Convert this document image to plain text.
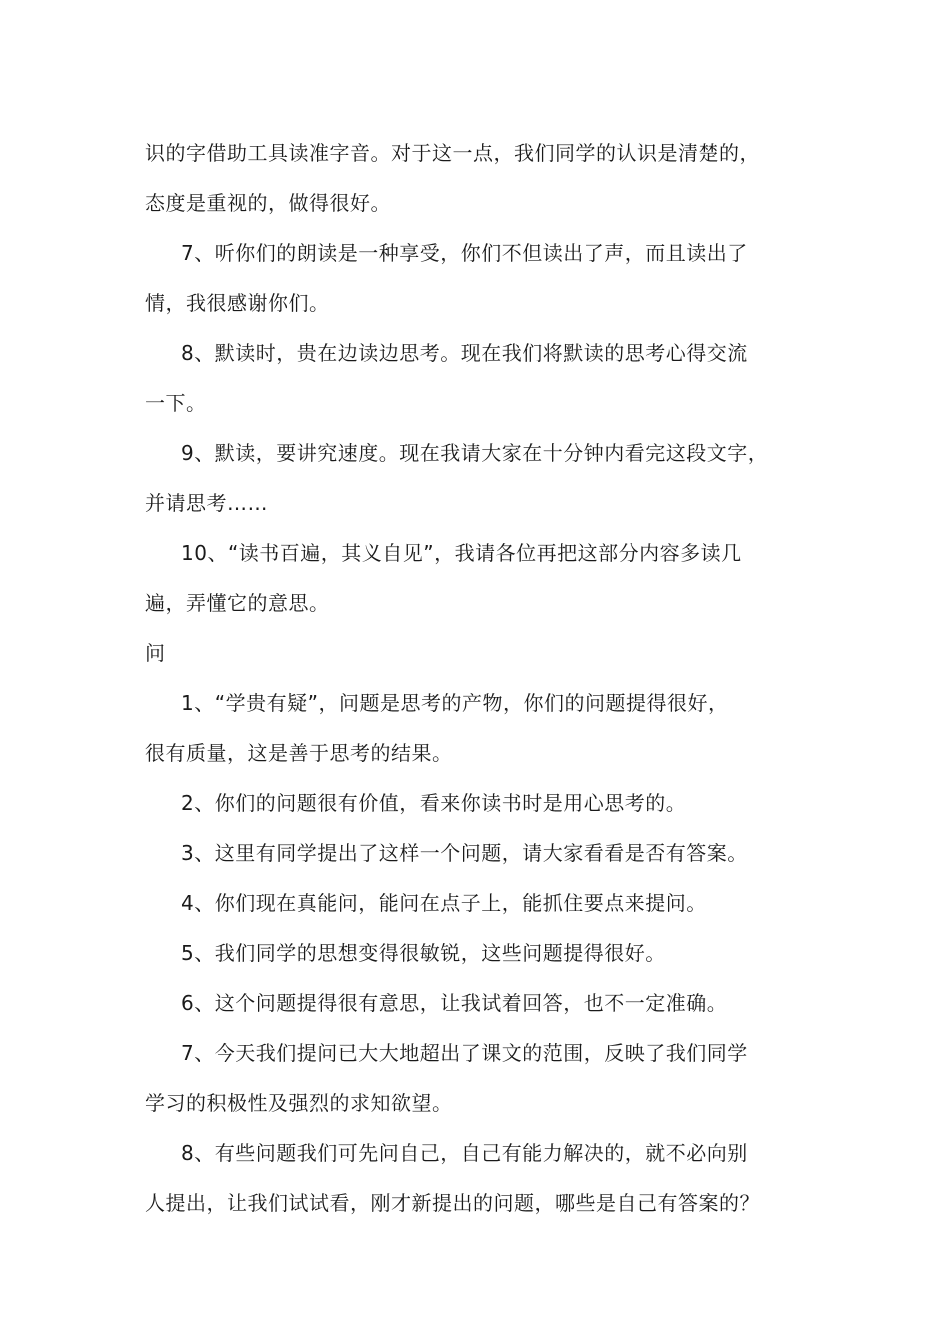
识的字借助工具读准字音。对于这一点，我们同学的认识是清楚的，
态度是重视的，做得很好。
7、听你们的朗读是一种享受，你们不但读出了声，而且读出了
情，我很感谢你们。
8、默读时，贵在边读边思考。现在我们将默读的思考心得交流
一下。
9、默读，要讲究速度。现在我请大家在十分钟内看完这段文字，
并请思考……
10、“读书百遍，其义自见”，我请各位再把这部分内容多读几
遍，弄懂它的意思。
问
1、“学贵有疑”，问题是思考的产物，你们的问题提得很好，
很有质量，这是善于思考的结果。
2、你们的问题很有价值，看来你读书时是用心思考的。
3、这里有同学提出了这样一个问题，请大家看看是否有答案。
4、你们现在真能问，能问在点子上，能抓住要点来提问。
5、我们同学的思想变得很敏锐，这些问题提得很好。
6、这个问题提得很有意思，让我试着回答，也不一定准确。
7、今天我们提问已大大地超出了课文的范围，反映了我们同学
学习的积极性及强烈的求知欲望。
8、有些问题我们可先问自己，自己有能力解决的，就不必向别
人提出，让我们试试看，刚才新提出的问题，哪些是自己有答案的？
